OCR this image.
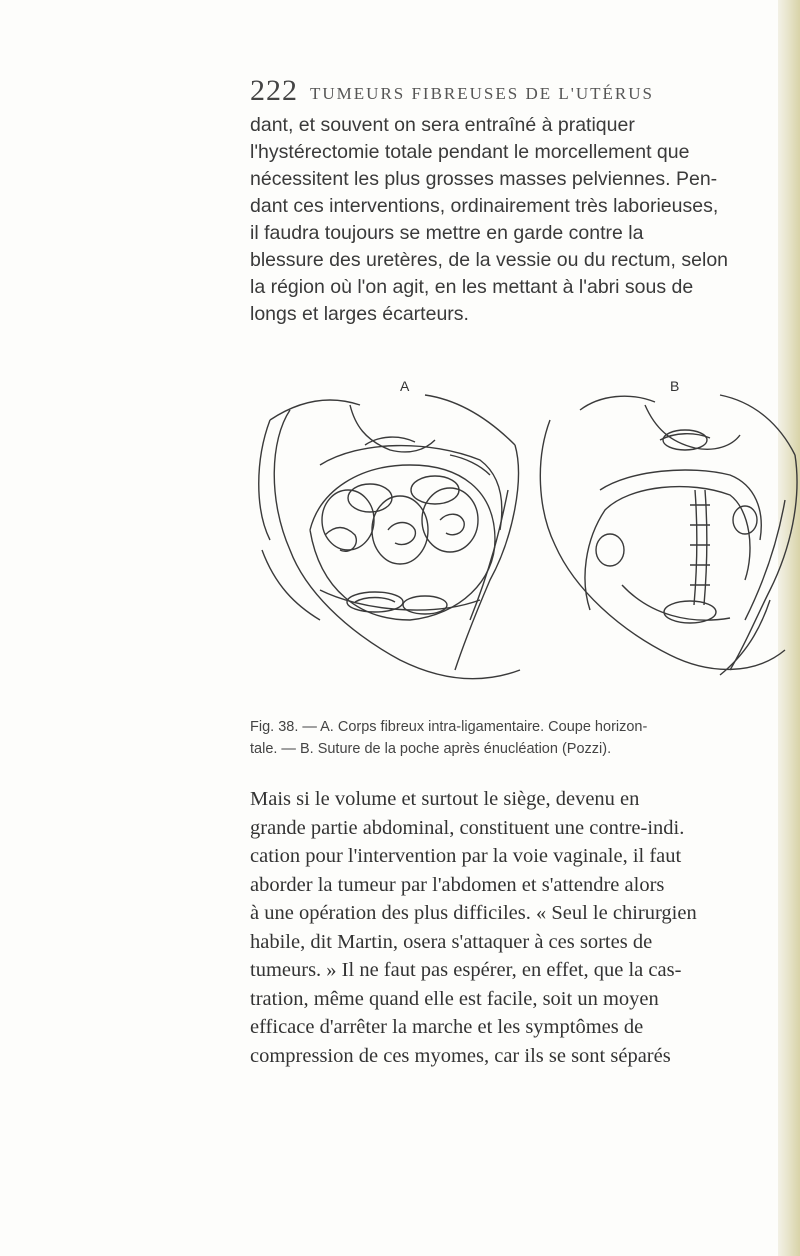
222 TUMEURS FIBREUSES DE L'UTÉRUS
dant, et souvent on sera entraîné à pratiquer
l'hystérectomie totale pendant le morcellement que
nécessitent les plus grosses masses pelviennes. Pen-
dant ces interventions, ordinairement très laborieuses,
il faudra toujours se mettre en garde contre la
blessure des uretères, de la vessie ou du rectum, selon
la région où l'on agit, en les mettant à l'abri sous de
longs et larges écarteurs.
A	B
Fig. 38. — A. Corps fibreux intra-ligamentaire. Coupe horizon-
tale. — B. Suture de la poche après énucléation (Pozzi).
Mais si le volume et surtout le siège, devenu en
grande partie abdominal, constituent une contre-indi.
cation pour l'intervention par la voie vaginale, il faut
aborder la tumeur par l'abdomen et s'attendre alors
à une opération des plus difficiles. « Seul le chirurgien
habile, dit Martin, osera s'attaquer à ces sortes de
tumeurs. » Il ne faut pas espérer, en effet, que la cas-
tration, même quand elle est facile, soit un moyen
efficace d'arrêter la marche et les symptômes de
compression de ces myomes, car ils se sont séparés
